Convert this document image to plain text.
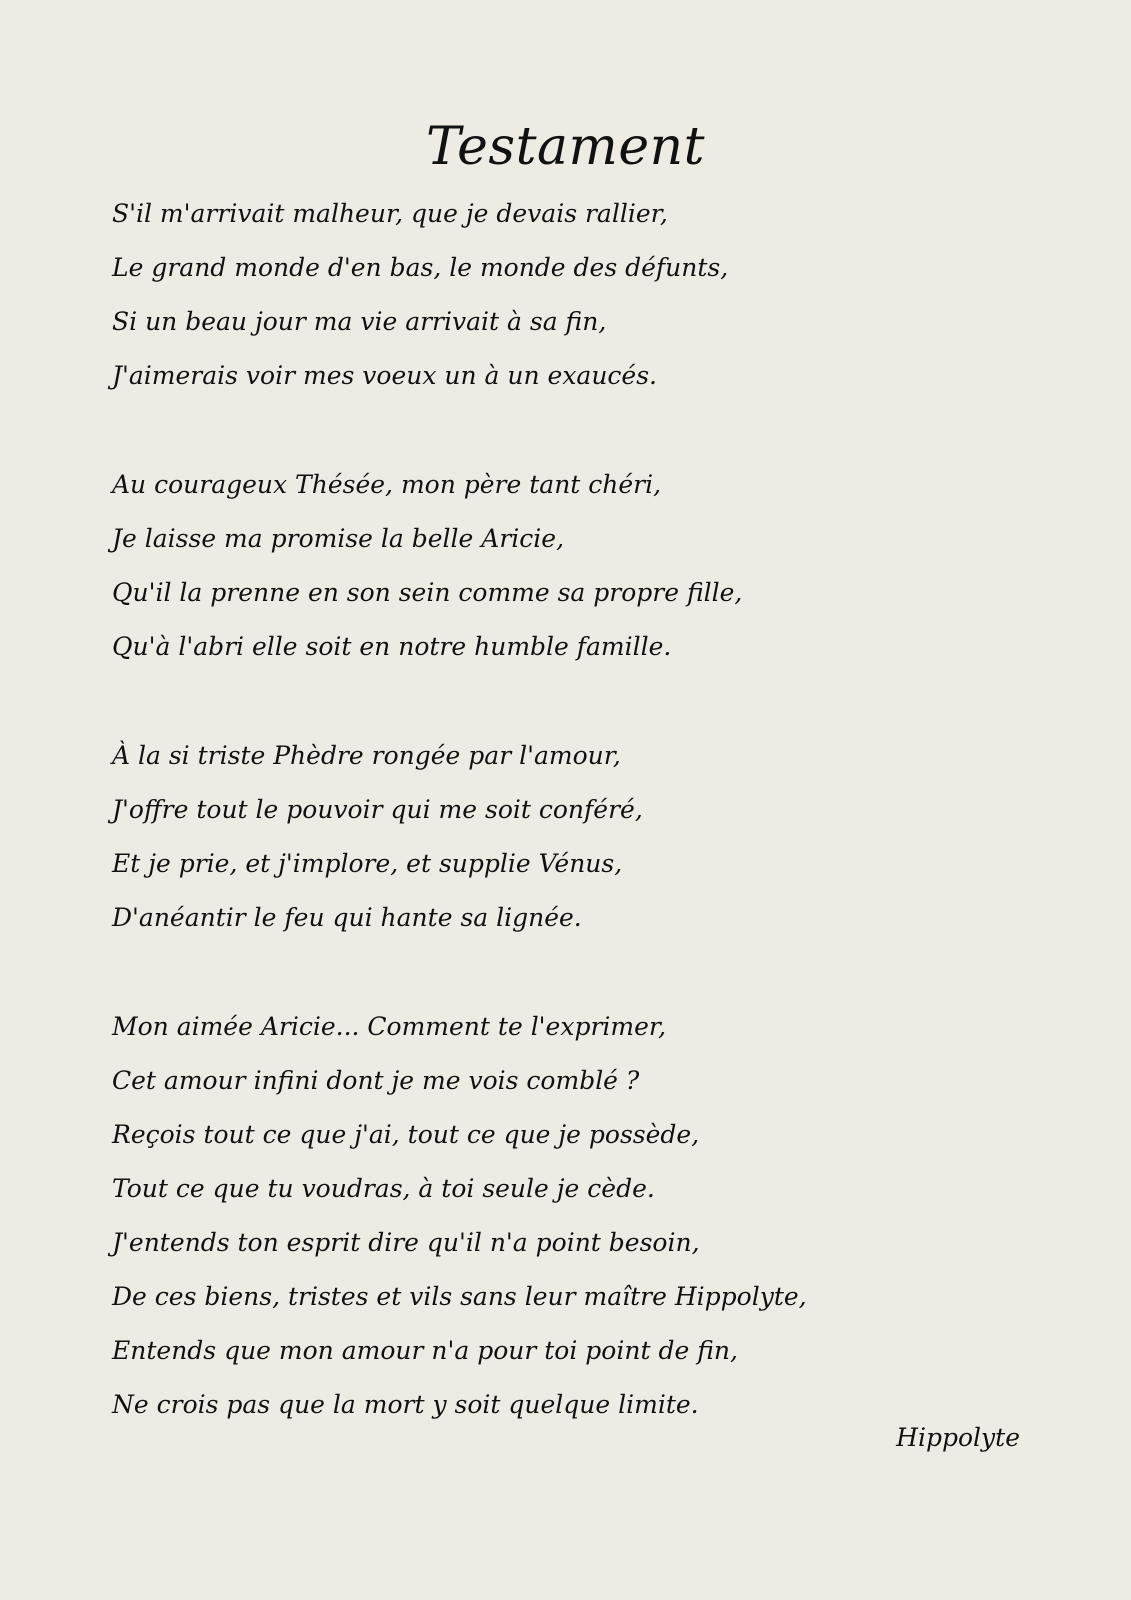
Testament
S'il m'arrivait malheur, que je devais rallier,
Le grand monde d'en bas, le monde des défunts,
Si un beau jour ma vie arrivait à sa fin,
J'aimerais voir mes voeux un à un exaucés.
Au courageux Thésée, mon père tant chéri,
Je laisse ma promise la belle Aricie,
Qu'il la prenne en son sein comme sa propre fille,
Qu'à l'abri elle soit en notre humble famille.
À la si triste Phèdre rongée par l'amour,
J'offre tout le pouvoir qui me soit conféré,
Et je prie, et j'implore, et supplie Vénus,
D'anéantir le feu qui hante sa lignée.
Mon aimée Aricie... Comment te l'exprimer,
Cet amour infini dont je me vois comblé ?
Reçois tout ce que j'ai, tout ce que je possède,
Tout ce que tu voudras, à toi seule je cède.
J'entends ton esprit dire qu'il n'a point besoin,
De ces biens, tristes et vils sans leur maître Hippolyte,
Entends que mon amour n'a pour toi point de fin,
Ne crois pas que la mort y soit quelque limite.
Hippolyte
